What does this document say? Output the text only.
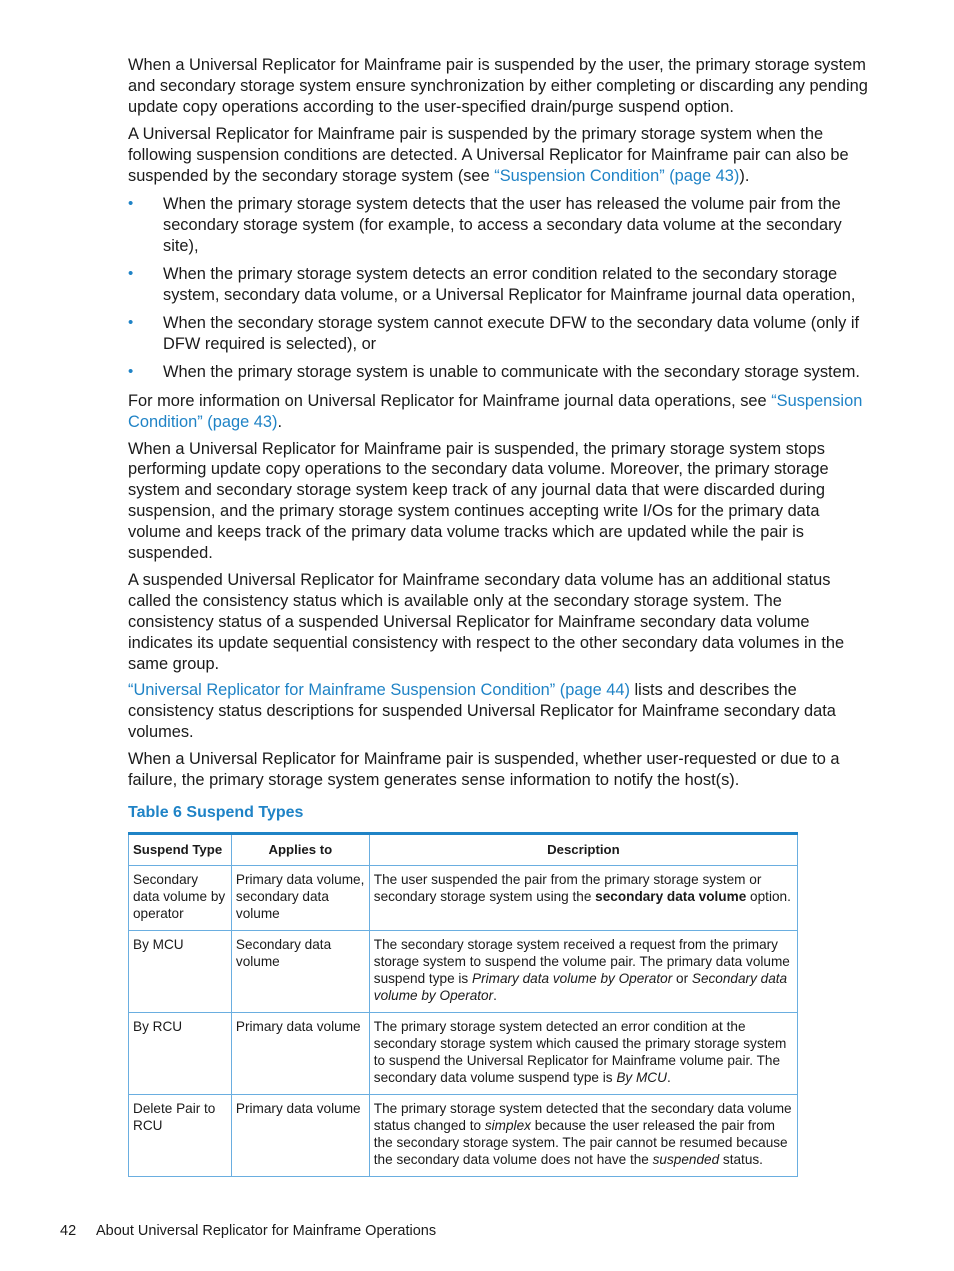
When a Universal Replicator for Mainframe pair is suspended by the user, the primary storage system and secondary storage system ensure synchronization by either completing or discarding any pending update copy operations according to the user-specified drain/purge suspend option.

A Universal Replicator for Mainframe pair is suspended by the primary storage system when the following suspension conditions are detected. A Universal Replicator for Mainframe pair can also be suspended by the secondary storage system (see “Suspension Condition” (page 43)).

• When the primary storage system detects that the user has released the volume pair from the secondary storage system (for example, to access a secondary data volume at the secondary site),
• When the primary storage system detects an error condition related to the secondary storage system, secondary data volume, or a Universal Replicator for Mainframe journal data operation,
• When the secondary storage system cannot execute DFW to the secondary data volume (only if DFW required is selected), or
• When the primary storage system is unable to communicate with the secondary storage system.

For more information on Universal Replicator for Mainframe journal data operations, see “Suspension Condition” (page 43).

When a Universal Replicator for Mainframe pair is suspended, the primary storage system stops performing update copy operations to the secondary data volume. Moreover, the primary storage system and secondary storage system keep track of any journal data that were discarded during suspension, and the primary storage system continues accepting write I/Os for the primary data volume and keeps track of the primary data volume tracks which are updated while the pair is suspended.

A suspended Universal Replicator for Mainframe secondary data volume has an additional status called the consistency status which is available only at the secondary storage system. The consistency status of a suspended Universal Replicator for Mainframe secondary data volume indicates its update sequential consistency with respect to the other secondary data volumes in the same group.

“Universal Replicator for Mainframe Suspension Condition” (page 44) lists and describes the consistency status descriptions for suspended Universal Replicator for Mainframe secondary data volumes.

When a Universal Replicator for Mainframe pair is suspended, whether user-requested or due to a failure, the primary storage system generates sense information to notify the host(s).

Table 6 Suspend Types
Suspend Type	Applies to	Description
Secondary data volume by operator	Primary data volume, secondary data volume	The user suspended the pair from the primary storage system or secondary storage system using the secondary data volume option.
By MCU	Secondary data volume	The secondary storage system received a request from the primary storage system to suspend the volume pair. The primary data volume suspend type is Primary data volume by Operator or Secondary data volume by Operator.
By RCU	Primary data volume	The primary storage system detected an error condition at the secondary storage system which caused the primary storage system to suspend the Universal Replicator for Mainframe volume pair. The secondary data volume suspend type is By MCU.
Delete Pair to RCU	Primary data volume	The primary storage system detected that the secondary data volume status changed to simplex because the user released the pair from the secondary storage system. The pair cannot be resumed because the secondary data volume does not have the suspended status.
42 About Universal Replicator for Mainframe Operations
